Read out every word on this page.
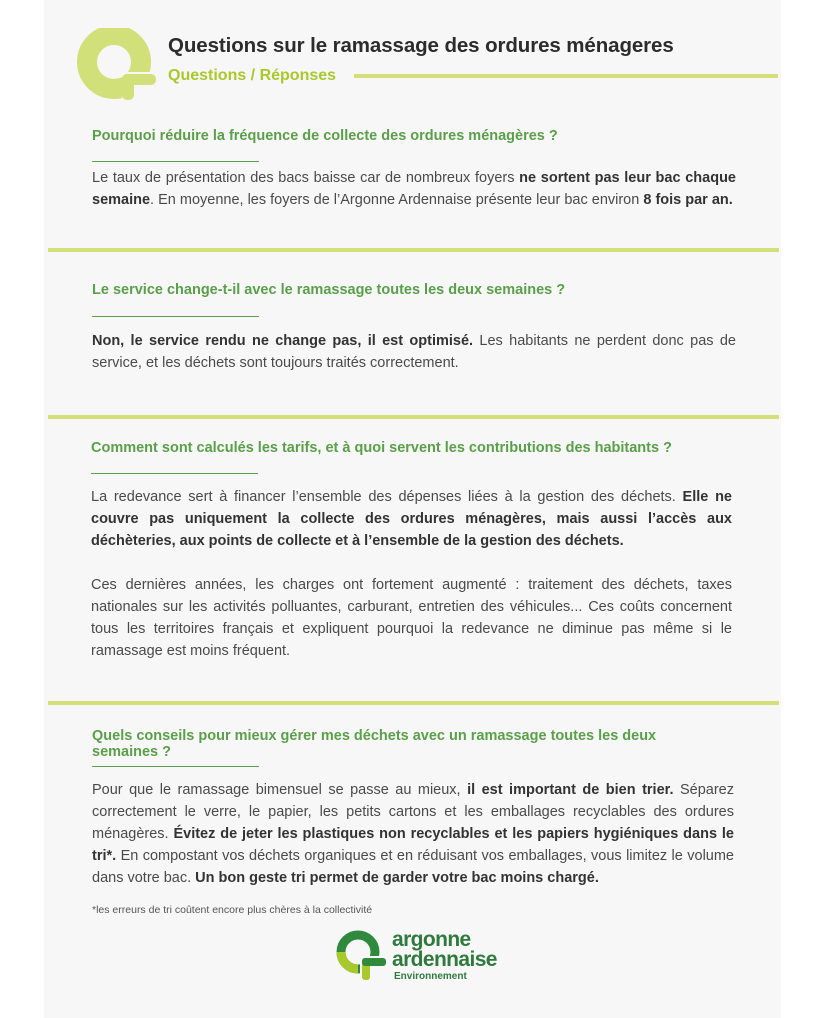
Questions sur le ramassage des ordures ménageres
Questions / Réponses
Pourquoi réduire la fréquence de collecte des ordures ménagères ?

Le taux de présentation des bacs baisse car de nombreux foyers ne sortent pas leur bac chaque semaine. En moyenne, les foyers de l’Argonne Ardennaise présente leur bac environ 8 fois par an.

Le service change-t-il avec le ramassage toutes les deux semaines ?

Non, le service rendu ne change pas, il est optimisé. Les habitants ne perdent donc pas de service, et les déchets sont toujours traités correctement.

Comment sont calculés les tarifs, et à quoi servent les contributions des habitants ?

La redevance sert à financer l’ensemble des dépenses liées à la gestion des déchets. Elle ne couvre pas uniquement la collecte des ordures ménagères, mais aussi l’accès aux déchèteries, aux points de collecte et à l’ensemble de la gestion des déchets.

Ces dernières années, les charges ont fortement augmenté : traitement des déchets, taxes nationales sur les activités polluantes, carburant, entretien des véhicules... Ces coûts concernent tous les territoires français et expliquent pourquoi la redevance ne diminue pas même si le ramassage est moins fréquent.

Quels conseils pour mieux gérer mes déchets avec un ramassage toutes les deux semaines ?

Pour que le ramassage bimensuel se passe au mieux, il est important de bien trier. Séparez correctement le verre, le papier, les petits cartons et les emballages recyclables des ordures ménagères. Évitez de jeter les plastiques non recyclables et les papiers hygiéniques dans le tri*. En compostant vos déchets organiques et en réduisant vos emballages, vous limitez le volume dans votre bac. Un bon geste tri permet de garder votre bac moins chargé.

*les erreurs de tri coûtent encore plus chères à la collectivité

argonne
ardennaise
Environnement
